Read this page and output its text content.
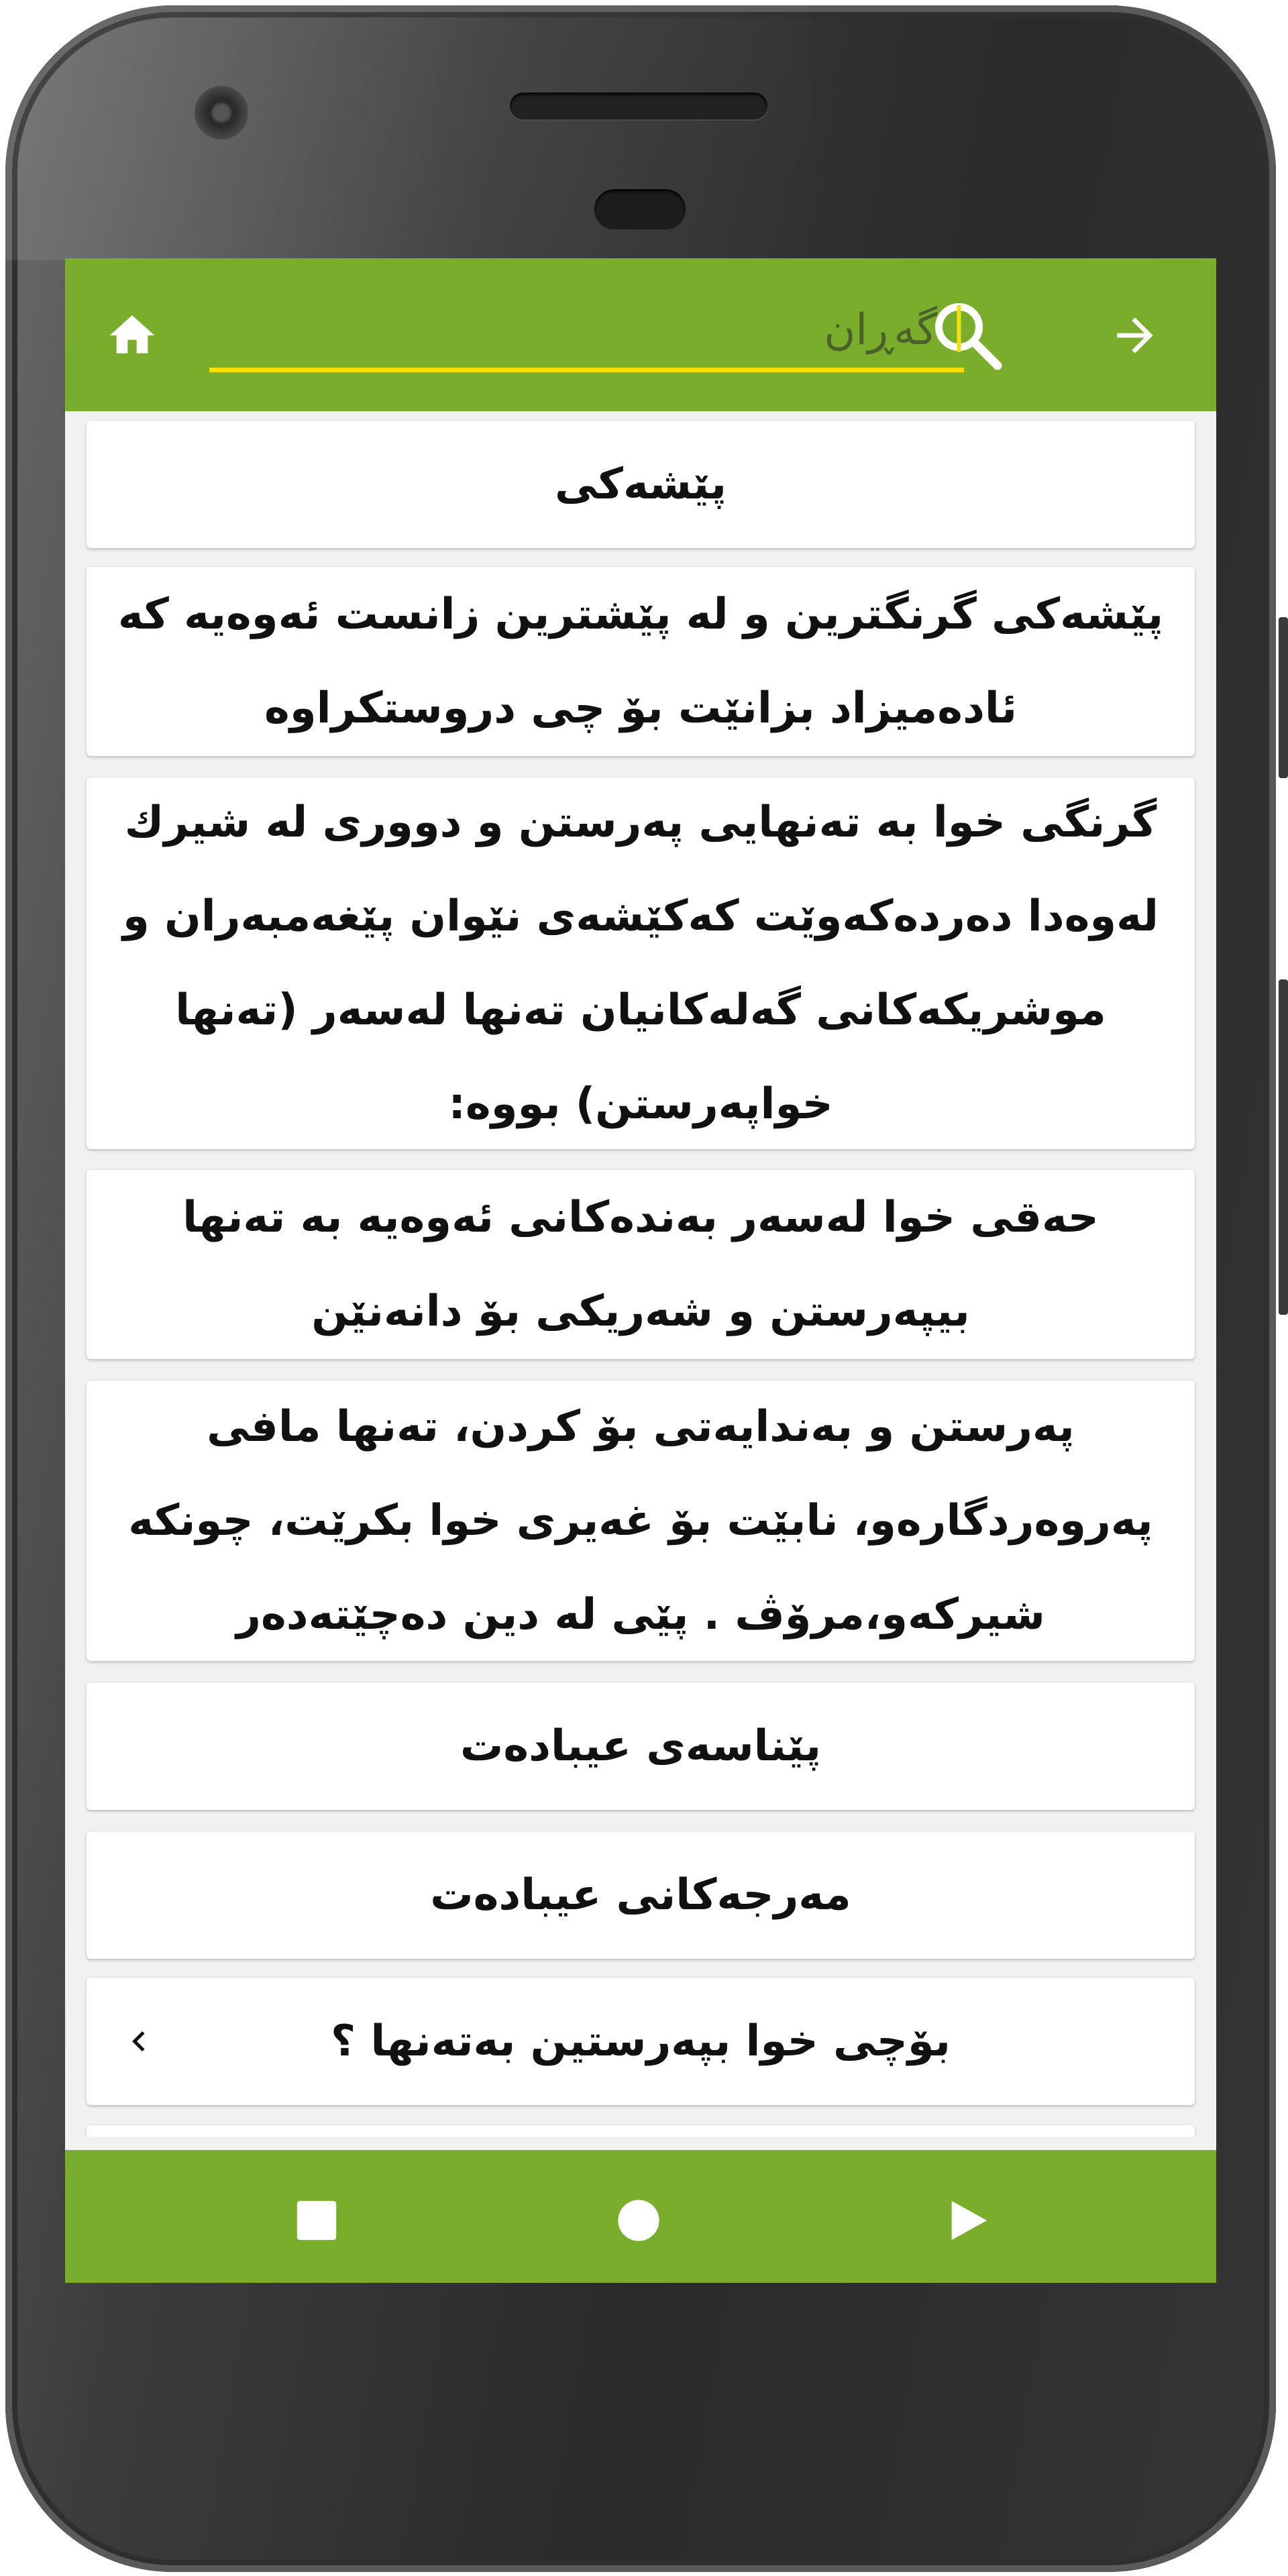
گەڕان
پێشەکی
پێشەکی گرنگترین و لە پێشترین زانست ئەوەیە کە ئادەمیزاد بزانێت بۆ چی دروستکراوە
گرنگی خوا بە تەنهایی پەرستن و دووری لە شیرك لەوەدا دەردەکەوێت کەکێشەی نێوان پێغەمبەران و موشریکەکانی گەلەکانیان تەنها لەسەر (تەنها خواپەرستن) بووە:
حەقی خوا لەسەر بەندەکانی ئەوەیە بە تەنها بیپەرستن و شەریکی بۆ دانەنێن
پەرستن و بەندایەتی بۆ کردن، تەنها مافی پەروەردگارەو، نابێت بۆ غەیری خوا بکرێت، چونکە شیرکەو،مرۆڤ . پێی لە دین دەچێتەدەر
پێناسەی عیبادەت
مەرجەکانی عیبادەت
بۆچی خوا بپەرستین بەتەنها ؟
